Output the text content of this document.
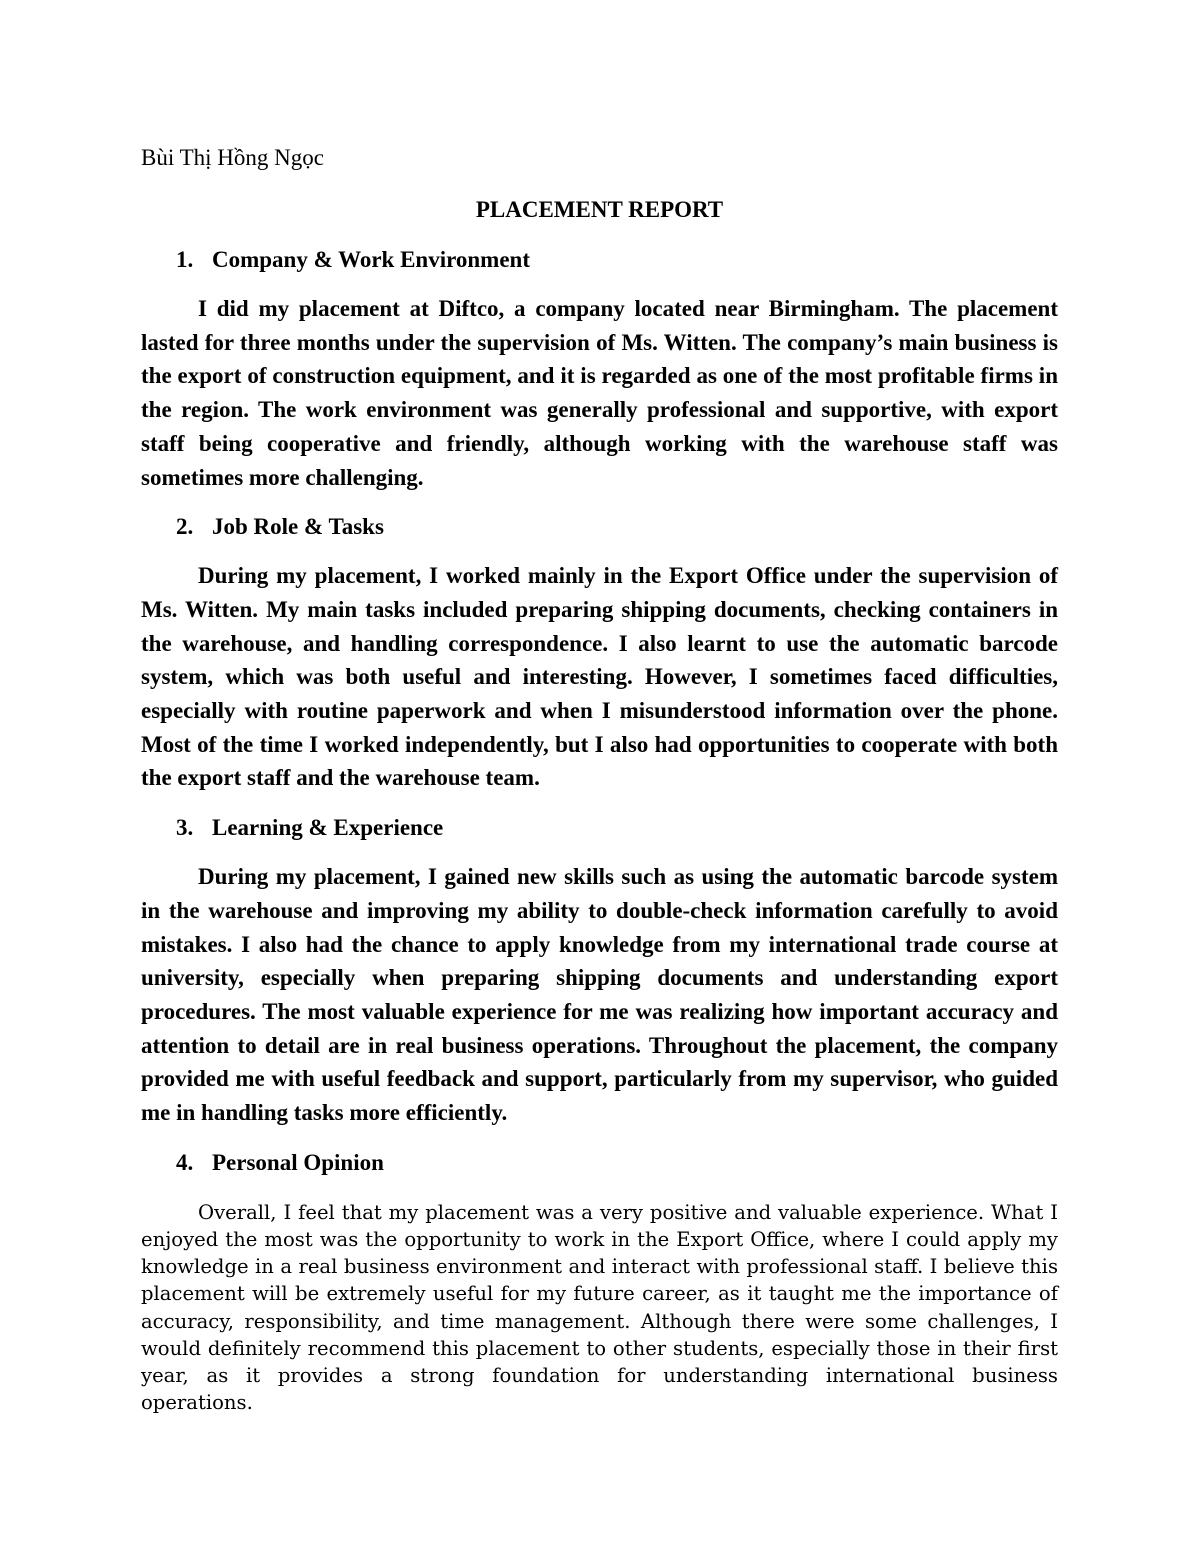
Bùi Thị Hồng Ngọc
PLACEMENT REPORT
1. Company & Work Environment

I did my placement at Diftco, a company located near Birmingham. The placement lasted for three months under the supervision of Ms. Witten. The company’s main business is the export of construction equipment, and it is regarded as one of the most profitable firms in the region. The work environment was generally professional and supportive, with export staff being cooperative and friendly, although working with the warehouse staff was sometimes more challenging.

2. Job Role & Tasks

During my placement, I worked mainly in the Export Office under the supervision of Ms. Witten. My main tasks included preparing shipping documents, checking containers in the warehouse, and handling correspondence. I also learnt to use the automatic barcode system, which was both useful and interesting. However, I sometimes faced difficulties, especially with routine paperwork and when I misunderstood information over the phone. Most of the time I worked independently, but I also had opportunities to cooperate with both the export staff and the warehouse team.

3. Learning & Experience

During my placement, I gained new skills such as using the automatic barcode system in the warehouse and improving my ability to double-check information carefully to avoid mistakes. I also had the chance to apply knowledge from my international trade course at university, especially when preparing shipping documents and understanding export procedures. The most valuable experience for me was realizing how important accuracy and attention to detail are in real business operations. Throughout the placement, the company provided me with useful feedback and support, particularly from my supervisor, who guided me in handling tasks more efficiently.

4. Personal Opinion

Overall, I feel that my placement was a very positive and valuable experience. What I enjoyed the most was the opportunity to work in the Export Office, where I could apply my knowledge in a real business environment and interact with professional staff. I believe this placement will be extremely useful for my future career, as it taught me the importance of accuracy, responsibility, and time management. Although there were some challenges, I would definitely recommend this placement to other students, especially those in their first year, as it provides a strong foundation for understanding international business operations.
